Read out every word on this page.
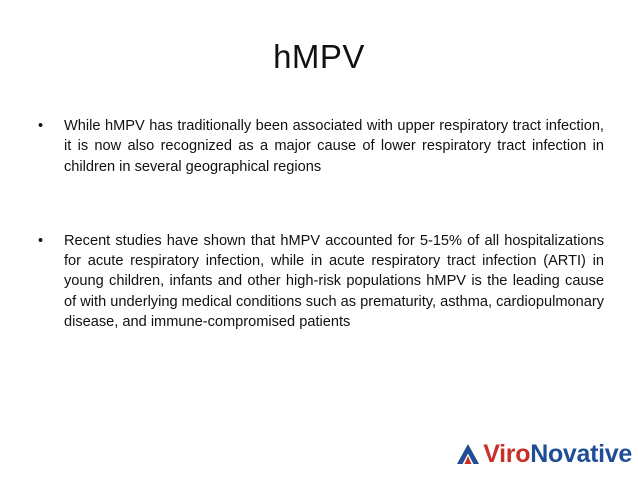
hMPV
•	While hMPV has traditionally been associated with upper respiratory tract infection, it is now also recognized as a major cause of lower respiratory tract infection in children in several geographical regions
•	Recent studies have shown that hMPV accounted for 5-15% of all hospitalizations for acute respiratory infection, while in acute respiratory tract infection (ARTI) in young children, infants and other high-risk populations hMPV is the leading cause of with underlying medical conditions such as prematurity, asthma, cardiopulmonary disease, and immune-compromised patients
ViroNovative
